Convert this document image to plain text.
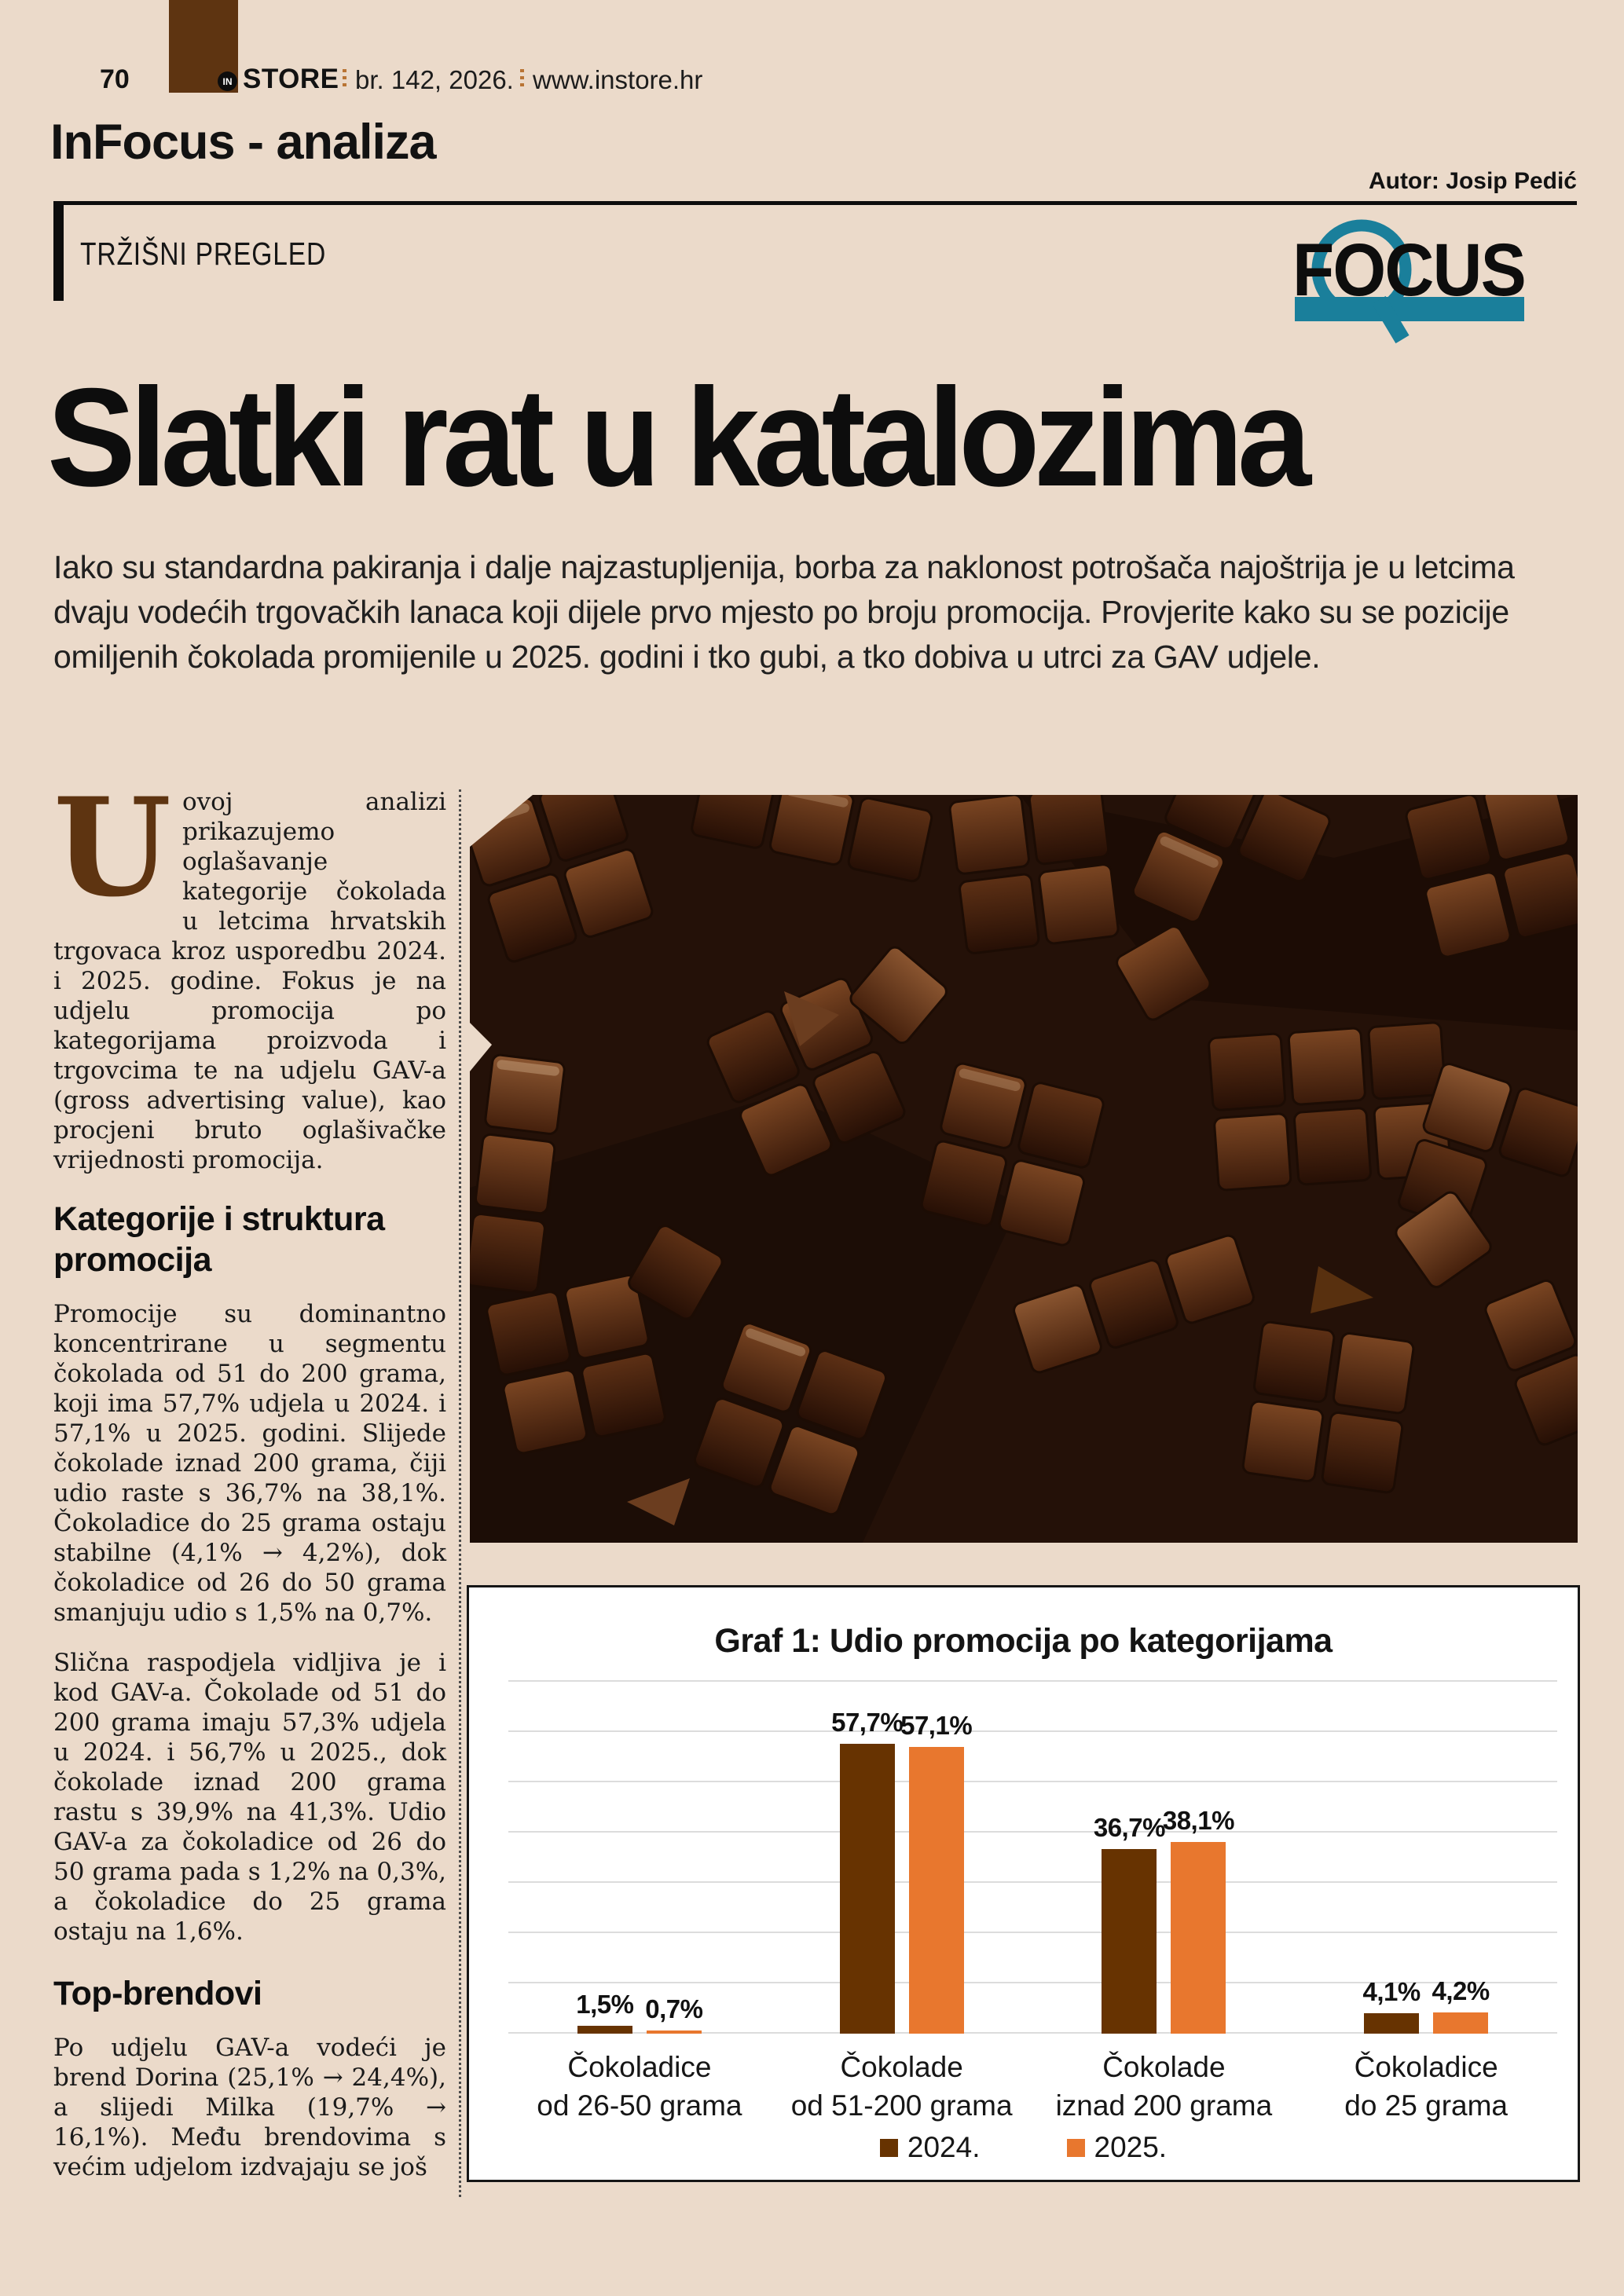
70	IN STORE br. 142, 2026. www.instore.hr
InFocus - analiza
Autor: Josip Pedić
TRŽIŠNI PREGLED	FOCUS
Slatki rat u katalozima
Iako su standardna pakiranja i dalje najzastupljenija, borba za naklonost potrošača najoštrija je u letcima dvaju vodećih trgovačkih lanaca koji dijele prvo mjesto po broju promocija. Provjerite kako su se pozicije omiljenih čokolada promijenile u 2025. godini i tko gubi, a tko dobiva u utrci za GAV udjele.

Uovoj analizi prikazujemo oglašavanje kategorije čokolada u letcima hrvatskih trgovaca kroz usporedbu 2024. i 2025. godine. Fokus je na udjelu promocija po kategorijama proizvoda i trgovcima te na udjelu GAV-a (gross advertising value), kao procjeni bruto oglašivačke vrijednosti promocija.

Kategorije i struktura promocija

Promocije su dominantno koncentrirane u segmentu čokolada od 51 do 200 grama, koji ima 57,7% udjela u 2024. i 57,1% u 2025. godini. Slijede čokolade iznad 200 grama, čiji udio raste s 36,7% na 38,1%. Čokoladice do 25 grama ostaju stabilne (4,1% → 4,2%), dok čokoladice od 26 do 50 grama smanjuju udio s 1,5% na 0,7%.

Slična raspodjela vidljiva je i kod GAV-a. Čokolade od 51 do 200 grama imaju 57,3% udjela u 2024. i 56,7% u 2025., dok čokolade iznad 200 grama rastu s 39,9% na 41,3%. Udio GAV-a za čokoladice od 26 do 50 grama pada s 1,2% na 0,3%, a čokoladice do 25 grama ostaju na 1,6%.

Top-brendovi

Po udjelu GAV-a vodeći je brend Dorina (25,1% → 24,4%), a slijedi Milka (19,7% → 16,1%). Među brendovima s većim udjelom izdvajaju se još

Graf 1: Udio promocija po kategorijama
1,5% 0,7%
Čokoladice
od 26-50 grama
57,7%
57,1%
Čokolade
od 51-200 grama
36,7%
38,1%
Čokolade
iznad 200 grama
4,1% 4,2%
Čokoladice
do 25 grama
2024.	2025.
